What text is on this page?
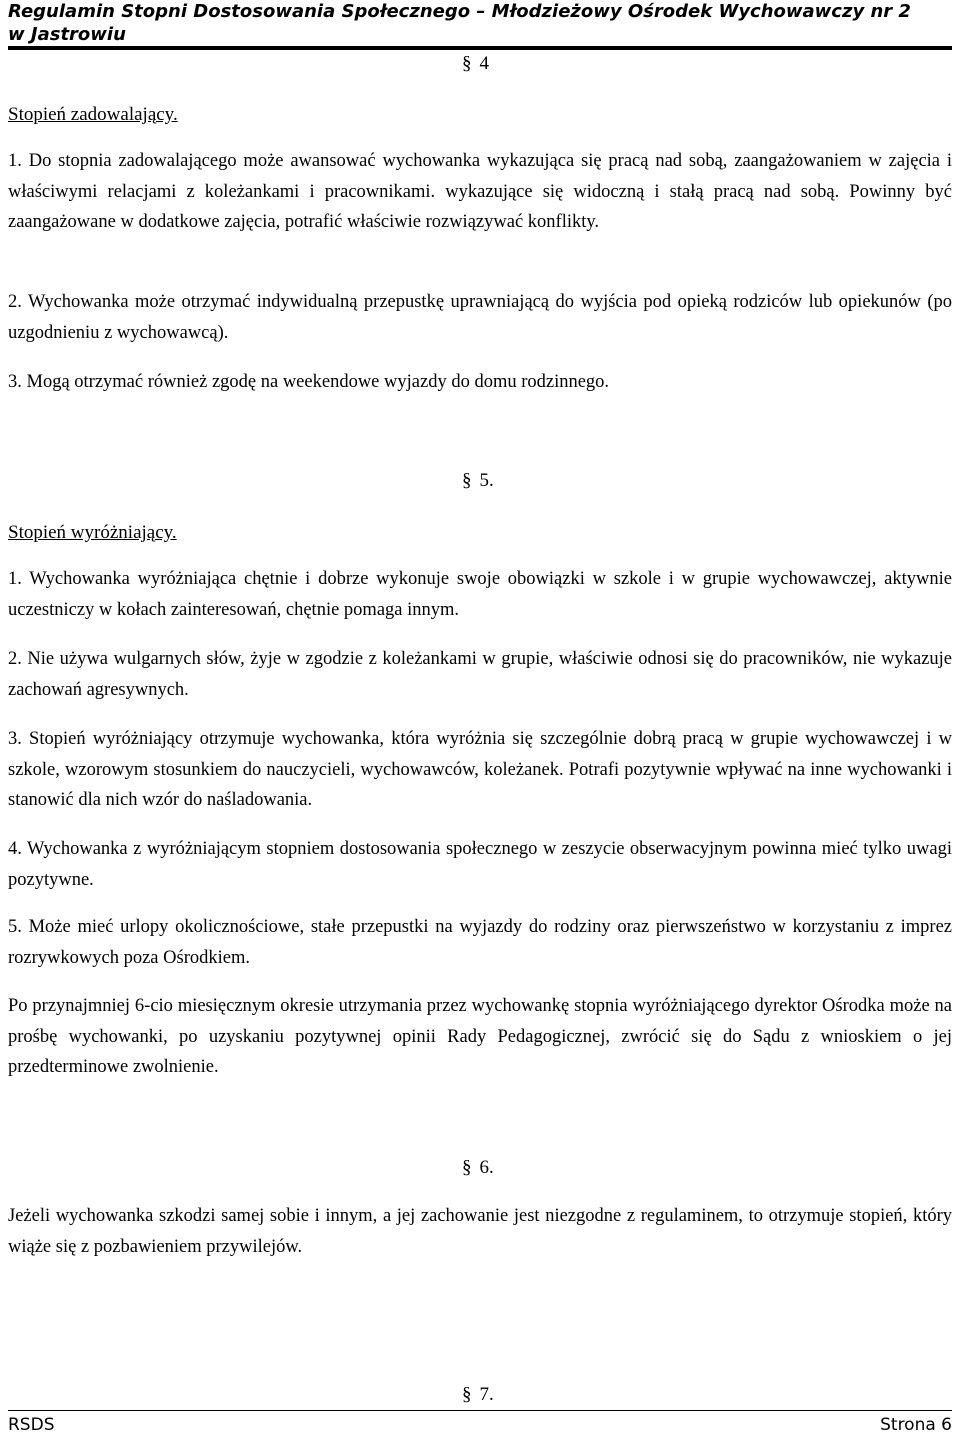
Regulamin Stopni Dostosowania Społecznego – Młodzieżowy Ośrodek Wychowawczy nr 2
w Jastrowiu
§ 4
Stopień zadowalający.
1. Do stopnia zadowalającego może awansować wychowanka wykazująca się pracą nad sobą, zaangażowaniem w zajęcia i właściwymi relacjami z koleżankami i pracownikami. wykazujące się widoczną i stałą pracą nad sobą. Powinny być zaangażowane w dodatkowe zajęcia, potrafić właściwie rozwiązywać konflikty.
2. Wychowanka może otrzymać indywidualną przepustkę uprawniającą do wyjścia pod opieką rodziców lub opiekunów (po uzgodnieniu z wychowawcą).
3. Mogą otrzymać również zgodę na weekendowe wyjazdy do domu rodzinnego.
§ 5.
Stopień wyróżniający.
1. Wychowanka wyróżniająca chętnie i dobrze wykonuje swoje obowiązki w szkole i w grupie wychowawczej, aktywnie uczestniczy w kołach zainteresowań, chętnie pomaga innym.
2. Nie używa wulgarnych słów, żyje w zgodzie z koleżankami w grupie, właściwie odnosi się do pracowników, nie wykazuje zachowań agresywnych.
3. Stopień wyróżniający otrzymuje wychowanka, która wyróżnia się szczególnie dobrą pracą w grupie wychowawczej i w szkole, wzorowym stosunkiem do nauczycieli, wychowawców, koleżanek. Potrafi pozytywnie wpływać na inne wychowanki i stanowić dla nich wzór do naśladowania.
4. Wychowanka z wyróżniającym stopniem dostosowania społecznego w zeszycie obserwacyjnym powinna mieć tylko uwagi pozytywne.
5. Może mieć urlopy okolicznościowe, stałe przepustki na wyjazdy do rodziny oraz pierwszeństwo w korzystaniu z imprez rozrywkowych poza Ośrodkiem.
Po przynajmniej 6-cio miesięcznym okresie utrzymania przez wychowankę stopnia wyróżniającego dyrektor Ośrodka może na prośbę wychowanki, po uzyskaniu pozytywnej opinii Rady Pedagogicznej, zwrócić się do Sądu z wnioskiem o jej przedterminowe zwolnienie.
§ 6.
Jeżeli wychowanka szkodzi samej sobie i innym, a jej zachowanie jest niezgodne z regulaminem, to otrzymuje stopień, który wiąże się z pozbawieniem przywilejów.
§ 7.
RSDS	Strona 6
